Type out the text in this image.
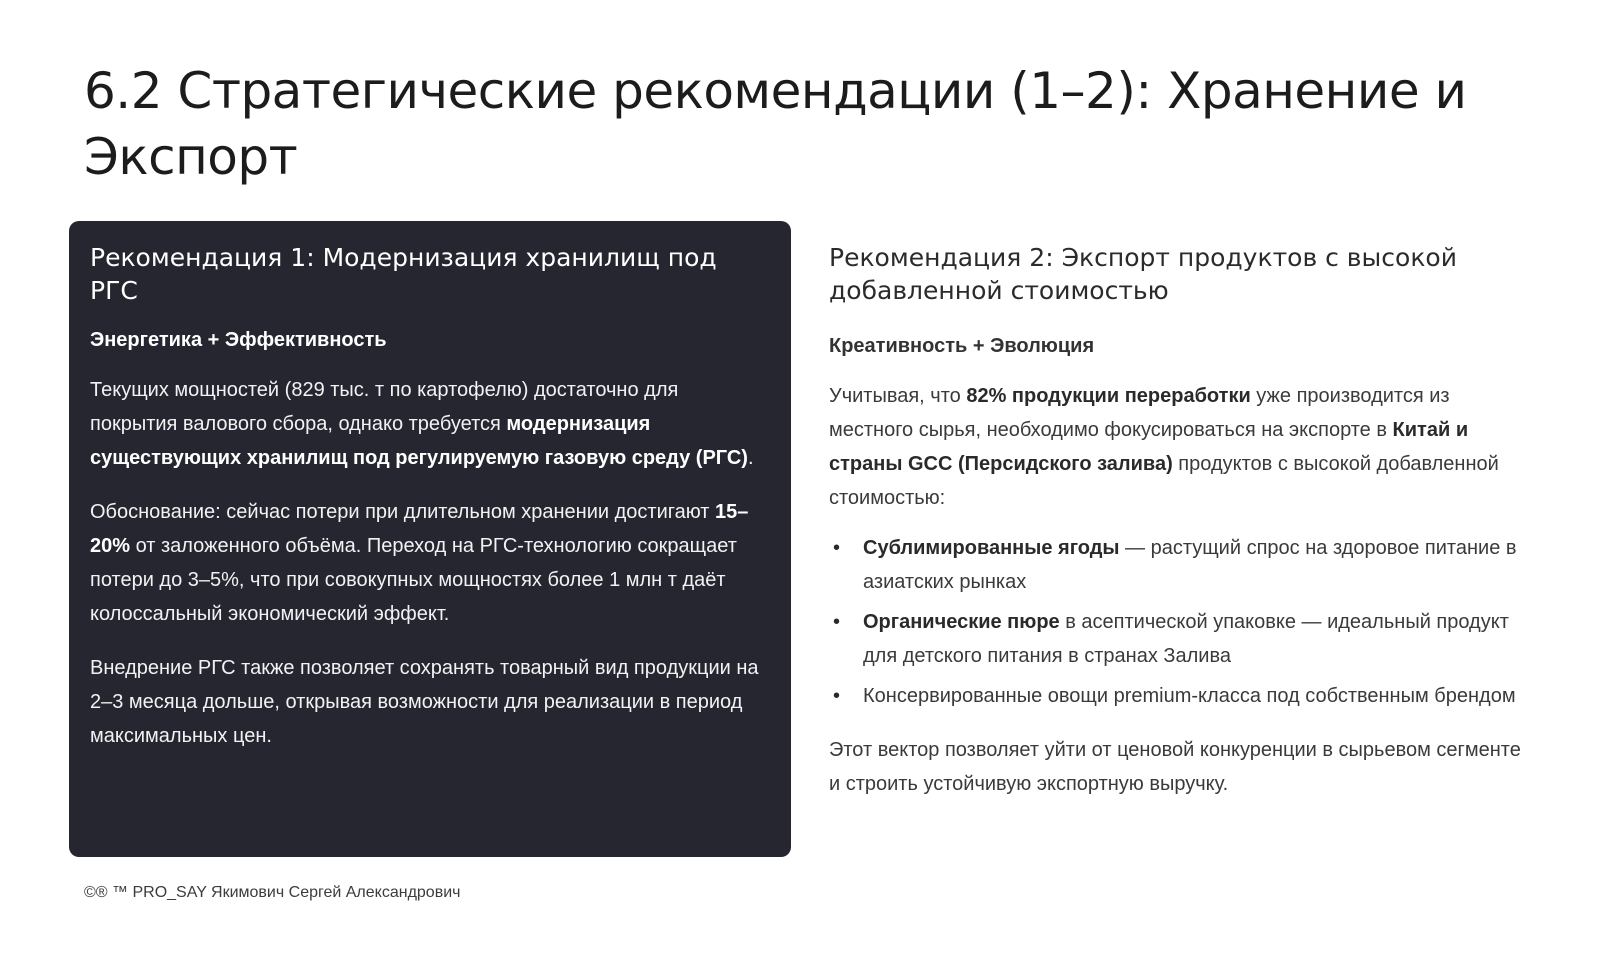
6.2 Стратегические рекомендации (1–2): Хранение и Экспорт
Рекомендация 1: Модернизация хранилищ под РГС
Энергетика + Эффективность

Текущих мощностей (829 тыс. т по картофелю) достаточно для покрытия валового сбора, однако требуется модернизация существующих хранилищ под регулируемую газовую среду (РГС).

Обоснование: сейчас потери при длительном хранении достигают 15–20% от заложенного объёма. Переход на РГС-технологию сокращает потери до 3–5%, что при совокупных мощностях более 1 млн т даёт колоссальный экономический эффект.

Внедрение РГС также позволяет сохранять товарный вид продукции на 2–3 месяца дольше, открывая возможности для реализации в период максимальных цен.

Рекомендация 2: Экспорт продуктов с высокой добавленной стоимостью
Креативность + Эволюция

Учитывая, что 82% продукции переработки уже производится из местного сырья, необходимо фокусироваться на экспорте в Китай и страны GCC (Персидского залива) продуктов с высокой добавленной стоимостью:

• Сублимированные ягоды — растущий спрос на здоровое питание в азиатских рынках
• Органические пюре в асептической упаковке — идеальный продукт для детского питания в странах Залива
• Консервированные овощи premium-класса под собственным брендом

Этот вектор позволяет уйти от ценовой конкуренции в сырьевом сегменте и строить устойчивую экспортную выручку.

©® ™ PRO_SAY Якимович Сергей Александрович
